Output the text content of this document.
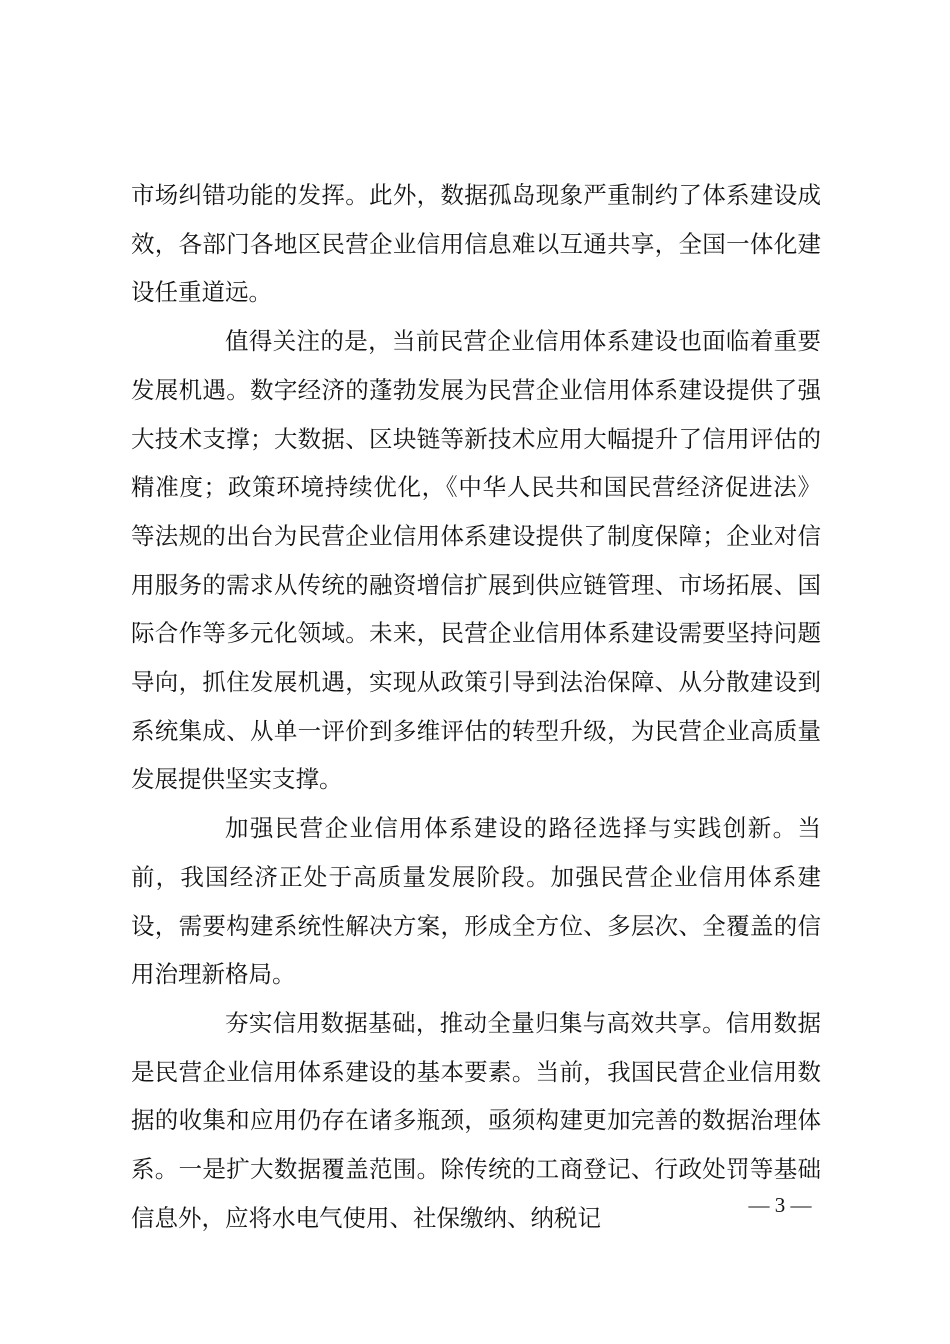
市场纠错功能的发挥。此外，数据孤岛现象严重制约了体系建设成效，各部门各地区民营企业信用信息难以互通共享，全国一体化建设任重道远。

值得关注的是，当前民营企业信用体系建设也面临着重要发展机遇。数字经济的蓬勃发展为民营企业信用体系建设提供了强大技术支撑；大数据、区块链等新技术应用大幅提升了信用评估的精准度；政策环境持续优化，《中华人民共和国民营经济促进法》等法规的出台为民营企业信用体系建设提供了制度保障；企业对信用服务的需求从传统的融资增信扩展到供应链管理、市场拓展、国际合作等多元化领域。未来，民营企业信用体系建设需要坚持问题导向，抓住发展机遇，实现从政策引导到法治保障、从分散建设到系统集成、从单一评价到多维评估的转型升级，为民营企业高质量发展提供坚实支撑。

加强民营企业信用体系建设的路径选择与实践创新。当前，我国经济正处于高质量发展阶段。加强民营企业信用体系建设，需要构建系统性解决方案，形成全方位、多层次、全覆盖的信用治理新格局。

夯实信用数据基础，推动全量归集与高效共享。信用数据是民营企业信用体系建设的基本要素。当前，我国民营企业信用数据的收集和应用仍存在诸多瓶颈，亟须构建更加完善的数据治理体系。一是扩大数据覆盖范围。除传统的工商登记、行政处罚等基础信息外，应将水电气使用、社保缴纳、纳税记	— 3 —
